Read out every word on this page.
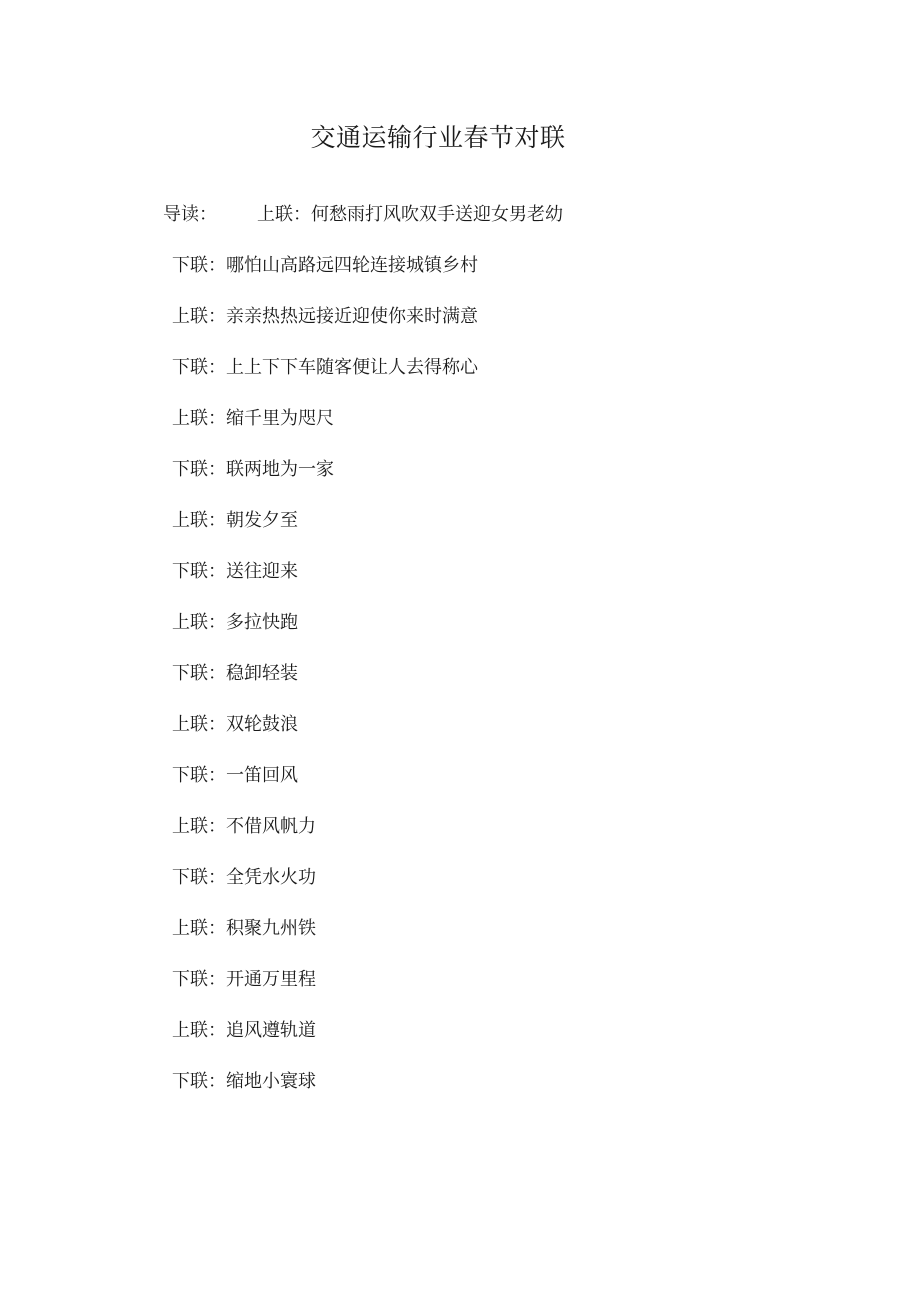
交通运输行业春节对联
导读： 上联：何愁雨打风吹双手送迎女男老幼
下联：哪怕山高路远四轮连接城镇乡村
上联：亲亲热热远接近迎使你来时满意
下联：上上下下车随客便让人去得称心
上联：缩千里为咫尺
下联：联两地为一家
上联：朝发夕至
下联：送往迎来
上联：多拉快跑
下联：稳卸轻装
上联：双轮鼓浪
下联：一笛回风
上联：不借风帆力
下联：全凭水火功
上联：积聚九州铁
下联：开通万里程
上联：追风遵轨道
下联：缩地小寰球
